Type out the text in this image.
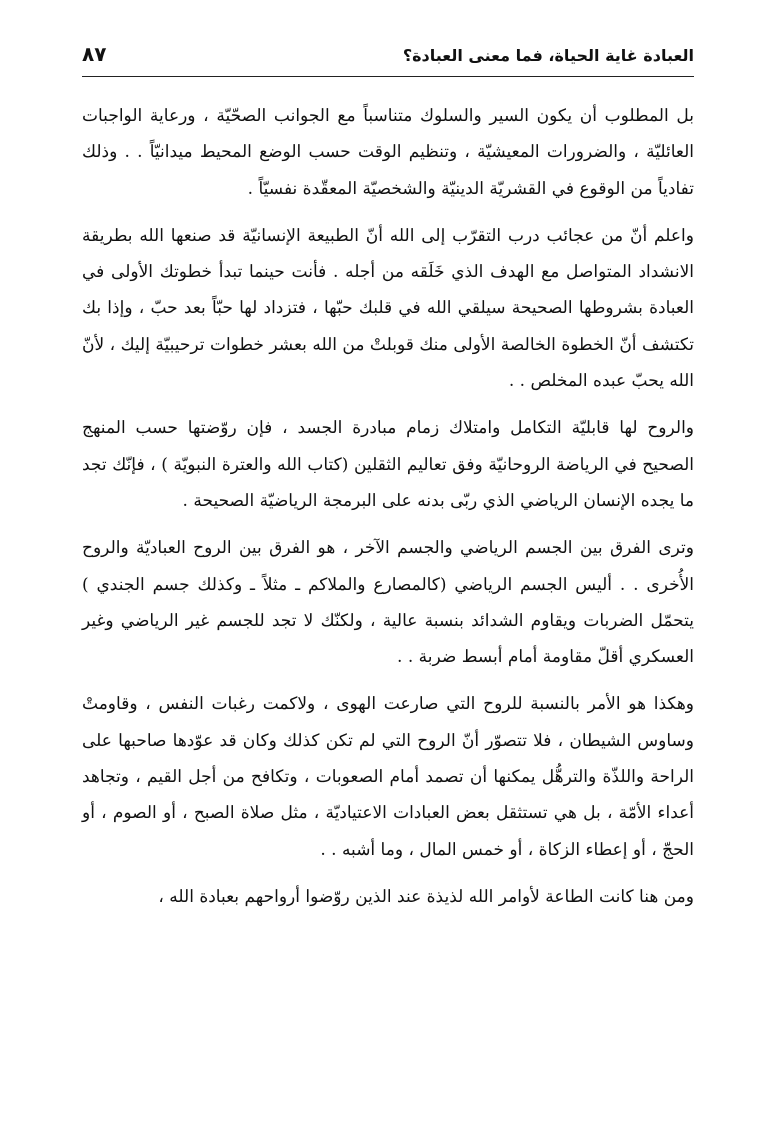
العبادة غاية الحياة، فما معنى العبادة؟
٨٧

بل المطلوب أن يكون السير والسلوك متناسباً مع الجوانب الصحّيّة ، ورعاية الواجبات العائليّة ، والضرورات المعيشيّة ، وتنظيم الوقت حسب الوضع المحيط ميدانيّاً . . وذلك تفادياً من الوقوع في القشريّة الدينيّة والشخصيّة المعقّدة نفسيّاً .

واعلم أنّ من عجائب درب التقرّب إلى الله أنّ الطبيعة الإنسانيّة قد صنعها الله بطريقة الانشداد المتواصل مع الهدف الذي خَلَقه من أجله . فأنت حينما تبدأ خطوتك الأولى في العبادة بشروطها الصحيحة سيلقي الله في قلبك حبّها ، فتزداد لها حبّاً بعد حبّ ، وإذا بك تكتشف أنّ الخطوة الخالصة الأولى منك قوبلتْ من الله بعشر خطوات ترحيبيّة إليك ، لأنّ الله يحبّ عبده المخلص . .

والروح لها قابليّة التكامل وامتلاك زمام مبادرة الجسد ، فإن روّضتها حسب المنهج الصحيح في الرياضة الروحانيّة وفق تعاليم الثقلين (كتاب الله والعترة النبويّة ) ، فإنّك تجد ما يجده الإنسان الرياضي الذي ربّى بدنه على البرمجة الرياضيّة الصحيحة .

وترى الفرق بين الجسم الرياضي والجسم الآخر ، هو الفرق بين الروح العباديّة والروح الأُخرى . . أليس الجسم الرياضي (كالمصارع والملاكم ـ مثلاً ـ وكذلك جسم الجندي ) يتحمّل الضربات ويقاوم الشدائد بنسبة عالية ، ولكنّك لا تجد للجسم غير الرياضي وغير العسكري أقلّ مقاومة أمام أبسط ضربة . .

وهكذا هو الأمر بالنسبة للروح التي صارعت الهوى ، ولاكمت رغبات النفس ، وقاومتْ وساوس الشيطان ، فلا تتصوّر أنّ الروح التي لم تكن كذلك وكان قد عوّدها صاحبها على الراحة واللذّة والترهُّل يمكنها أن تصمد أمام الصعوبات ، وتكافح من أجل القيم ، وتجاهد أعداء الأمّة ، بل هي تستثقل بعض العبادات الاعتياديّة ، مثل صلاة الصبح ، أو الصوم ، أو الحجّ ، أو إعطاء الزكاة ، أو خمس المال ، وما أشبه . .

ومن هنا كانت الطاعة لأوامر الله لذيذة عند الذين روّضوا أرواحهم بعبادة الله ،
